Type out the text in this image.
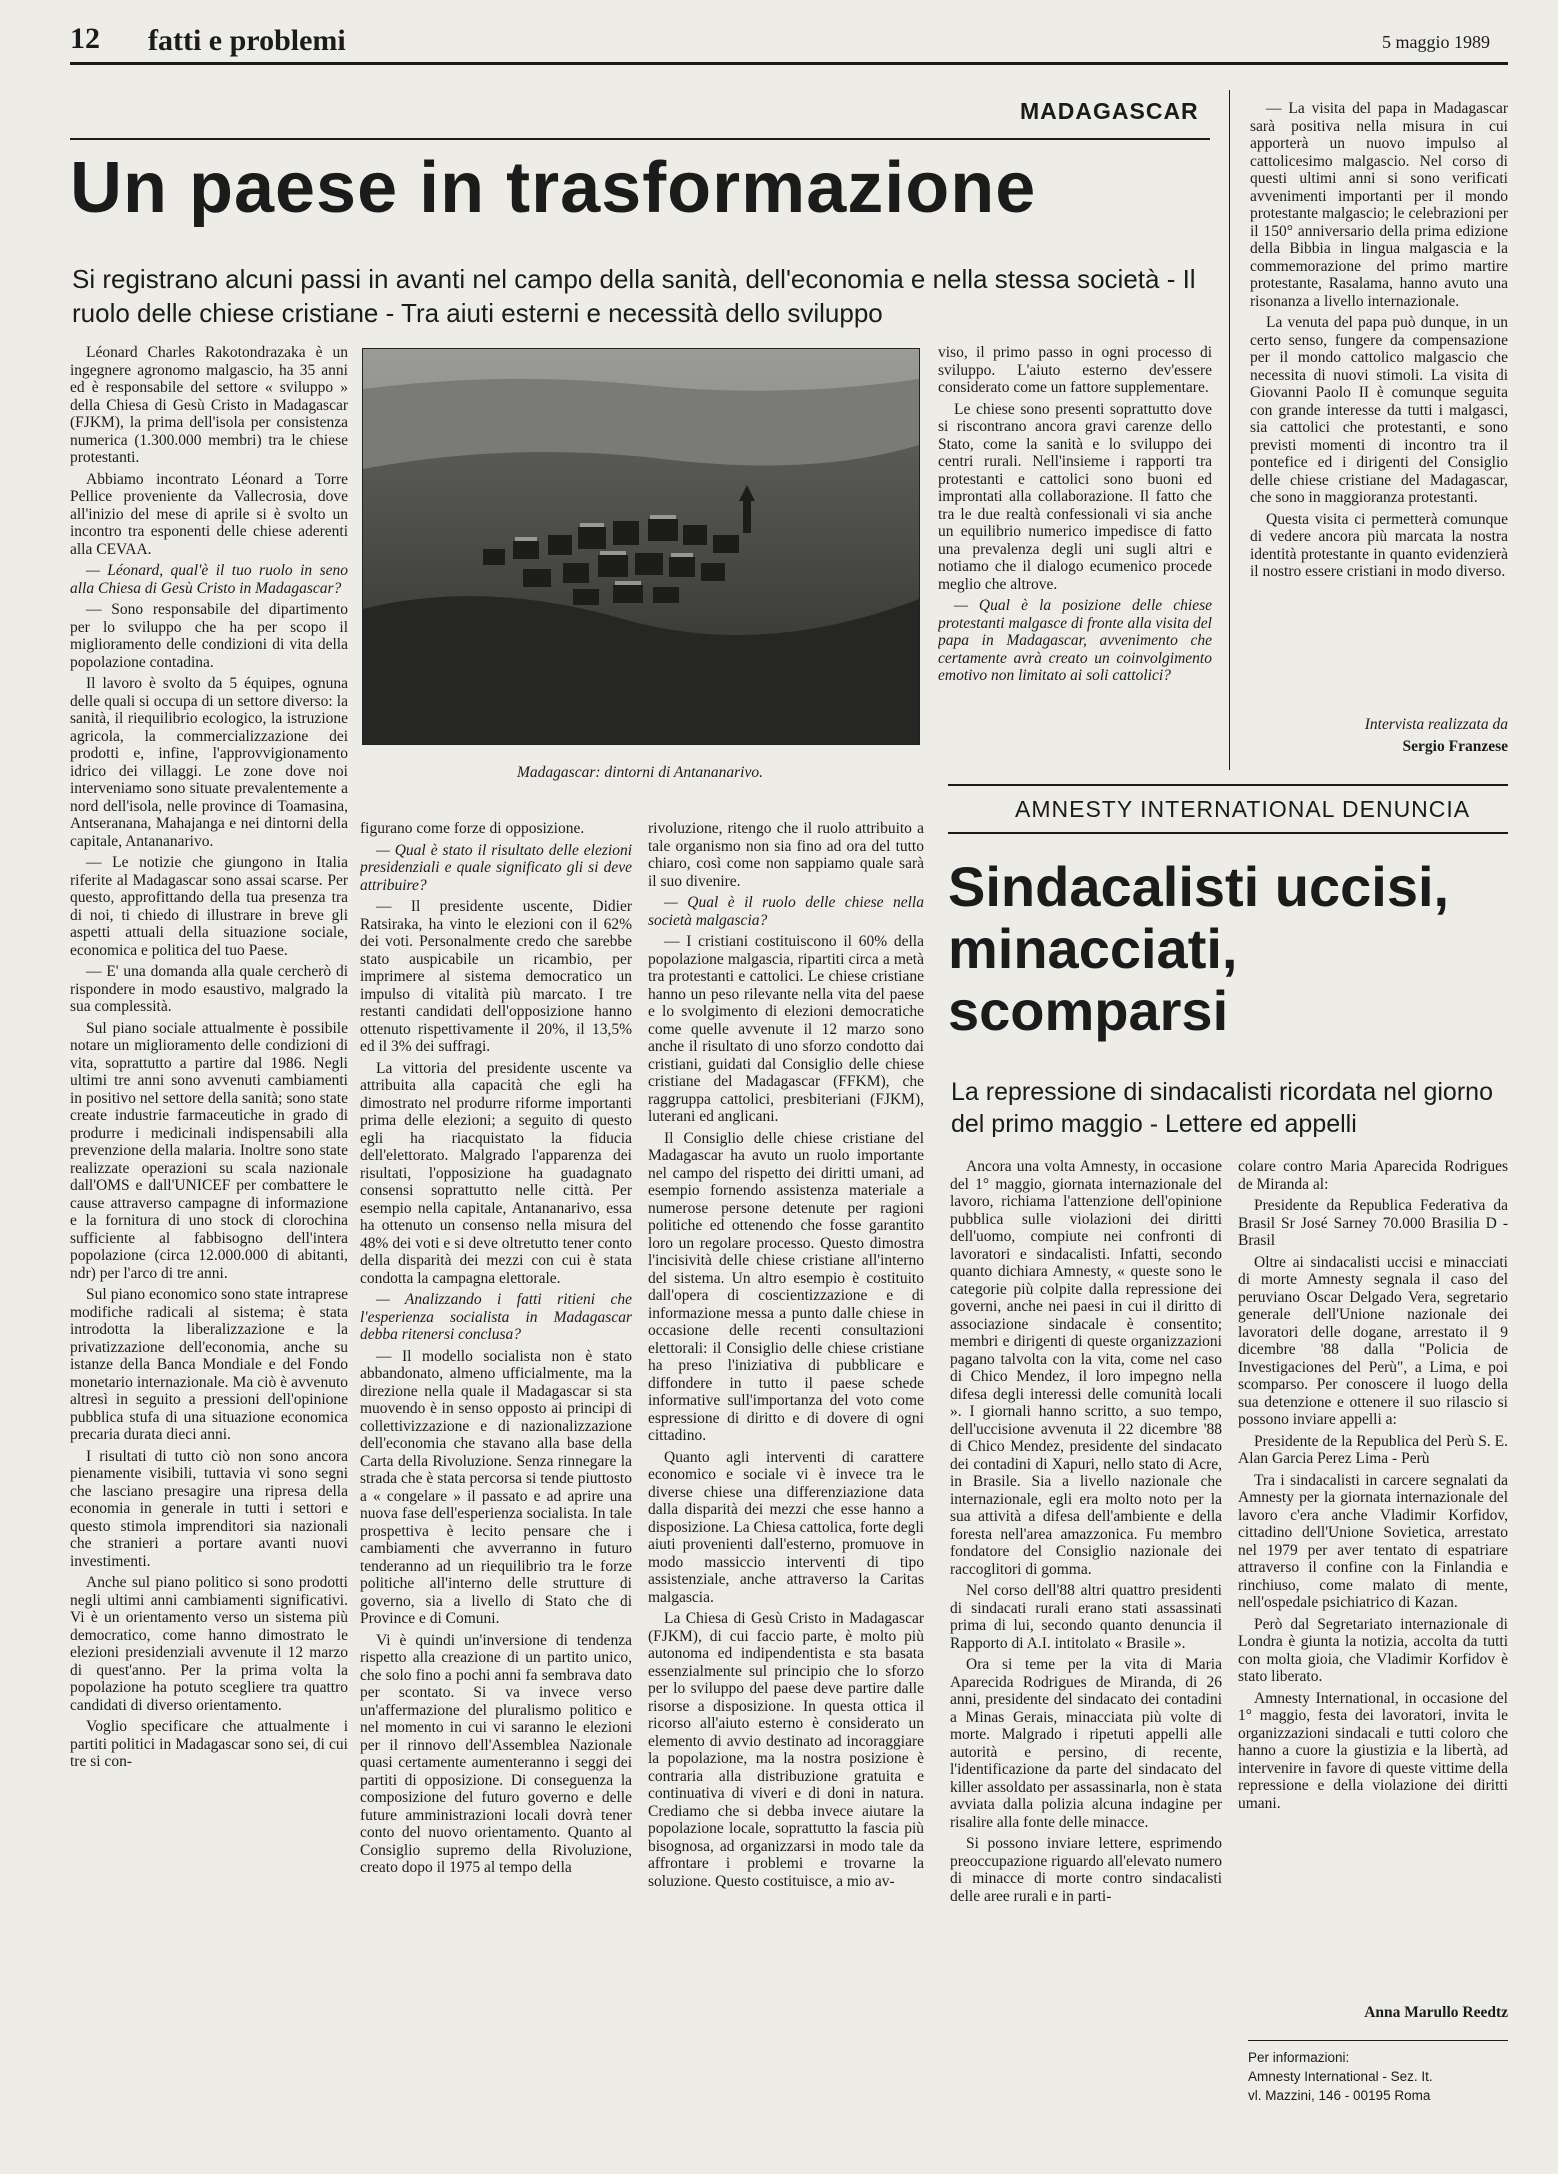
12 fatti e problemi	5 maggio 1989
MADAGASCAR
Un paese in trasformazione
Si registrano alcuni passi in avanti nel campo della sanità, dell'economia e nella stessa società - Il ruolo delle chiese cristiane - Tra aiuti esterni e necessità dello sviluppo

Léonard Charles Rakotondrazaka è un ingegnere agronomo malgascio, ha 35 anni ed è responsabile del settore « sviluppo » della Chiesa di Gesù Cristo in Madagascar (FJKM), la prima dell'isola per consistenza numerica (1.300.000 membri) tra le chiese protestanti.

Abbiamo incontrato Léonard a Torre Pellice proveniente da Vallecrosia, dove all'inizio del mese di aprile si è svolto un incontro tra esponenti delle chiese aderenti alla CEVAA.

— Léonard, qual'è il tuo ruolo in seno alla Chiesa di Gesù Cristo in Madagascar?

— Sono responsabile del dipartimento per lo sviluppo che ha per scopo il miglioramento delle condizioni di vita della popolazione contadina.

Il lavoro è svolto da 5 équipes, ognuna delle quali si occupa di un settore diverso: la sanità, il riequilibrio ecologico, la istruzione agricola, la commercializzazione dei prodotti e, infine, l'approvvigionamento idrico dei villaggi. Le zone dove noi interveniamo sono situate prevalentemente a nord dell'isola, nelle province di Toamasina, Antseranana, Mahajanga e nei dintorni della capitale, Antananarivo.

— Le notizie che giungono in Italia riferite al Madagascar sono assai scarse. Per questo, approfittando della tua presenza tra di noi, ti chiedo di illustrare in breve gli aspetti attuali della situazione sociale, economica e politica del tuo Paese.

— E' una domanda alla quale cercherò di rispondere in modo esaustivo, malgrado la sua complessità.

Sul piano sociale attualmente è possibile notare un miglioramento delle condizioni di vita, soprattutto a partire dal 1986. Negli ultimi tre anni sono avvenuti cambiamenti in positivo nel settore della sanità; sono state create industrie farmaceutiche in grado di produrre i medicinali indispensabili alla prevenzione della malaria. Inoltre sono state realizzate operazioni su scala nazionale dall'OMS e dall'UNICEF per combattere le cause attraverso campagne di informazione e la fornitura di uno stock di clorochina sufficiente al fabbisogno dell'intera popolazione (circa 12.000.000 di abitanti, ndr) per l'arco di tre anni.

Sul piano economico sono state intraprese modifiche radicali al sistema; è stata introdotta la liberalizzazione e la privatizzazione dell'economia, anche su istanze della Banca Mondiale e del Fondo monetario internazionale. Ma ciò è avvenuto altresì in seguito a pressioni dell'opinione pubblica stufa di una situazione economica precaria durata dieci anni.

I risultati di tutto ciò non sono ancora pienamente visibili, tuttavia vi sono segni che lasciano presagire una ripresa della economia in generale in tutti i settori e questo stimola imprenditori sia nazionali che stranieri a portare avanti nuovi investimenti.

Anche sul piano politico si sono prodotti negli ultimi anni cambiamenti significativi. Vi è un orientamento verso un sistema più democratico, come hanno dimostrato le elezioni presidenziali avvenute il 12 marzo di quest'anno. Per la prima volta la popolazione ha potuto scegliere tra quattro candidati di diverso orientamento.

Voglio specificare che attualmente i partiti politici in Madagascar sono sei, di cui tre si con-

Madagascar: dintorni di Antananarivo.

viso, il primo passo in ogni processo di sviluppo. L'aiuto esterno dev'essere considerato come un fattore supplementare.

Le chiese sono presenti soprattutto dove si riscontrano ancora gravi carenze dello Stato, come la sanità e lo sviluppo dei centri rurali. Nell'insieme i rapporti tra protestanti e cattolici sono buoni ed improntati alla collaborazione. Il fatto che tra le due realtà confessionali vi sia anche un equilibrio numerico impedisce di fatto una prevalenza degli uni sugli altri e notiamo che il dialogo ecumenico procede meglio che altrove.

— Qual è la posizione delle chiese protestanti malgasce di fronte alla visita del papa in Madagascar, avvenimento che certamente avrà creato un coinvolgimento emotivo non limitato ai soli cattolici?

figurano come forze di opposizione.

— Qual è stato il risultato delle elezioni presidenziali e quale significato gli si deve attribuire?

— Il presidente uscente, Didier Ratsiraka, ha vinto le elezioni con il 62% dei voti. Personalmente credo che sarebbe stato auspicabile un ricambio, per imprimere al sistema democratico un impulso di vitalità più marcato. I tre restanti candidati dell'opposizione hanno ottenuto rispettivamente il 20%, il 13,5% ed il 3% dei suffragi.

La vittoria del presidente uscente va attribuita alla capacità che egli ha dimostrato nel produrre riforme importanti prima delle elezioni; a seguito di questo egli ha riacquistato la fiducia dell'elettorato. Malgrado l'apparenza dei risultati, l'opposizione ha guadagnato consensi soprattutto nelle città. Per esempio nella capitale, Antananarivo, essa ha ottenuto un consenso nella misura del 48% dei voti e si deve oltretutto tener conto della disparità dei mezzi con cui è stata condotta la campagna elettorale.

— Analizzando i fatti ritieni che l'esperienza socialista in Madagascar debba ritenersi conclusa?

— Il modello socialista non è stato abbandonato, almeno ufficialmente, ma la direzione nella quale il Madagascar si sta muovendo è in senso opposto ai principi di collettivizzazione e di nazionalizzazione dell'economia che stavano alla base della Carta della Rivoluzione. Senza rinnegare la strada che è stata percorsa si tende piuttosto a « congelare » il passato e ad aprire una nuova fase dell'esperienza socialista. In tale prospettiva è lecito pensare che i cambiamenti che avverranno in futuro tenderanno ad un riequilibrio tra le forze politiche all'interno delle strutture di governo, sia a livello di Stato che di Province e di Comuni.

Vi è quindi un'inversione di tendenza rispetto alla creazione di un partito unico, che solo fino a pochi anni fa sembrava dato per scontato. Si va invece verso un'affermazione del pluralismo politico e nel momento in cui vi saranno le elezioni per il rinnovo dell'Assemblea Nazionale quasi certamente aumenteranno i seggi dei partiti di opposizione. Di conseguenza la composizione del futuro governo e delle future amministrazioni locali dovrà tener conto del nuovo orientamento. Quanto al Consiglio supremo della Rivoluzione, creato dopo il 1975 al tempo della

rivoluzione, ritengo che il ruolo attribuito a tale organismo non sia fino ad ora del tutto chiaro, così come non sappiamo quale sarà il suo divenire.

— Qual è il ruolo delle chiese nella società malgascia?

— I cristiani costituiscono il 60% della popolazione malgascia, ripartiti circa a metà tra protestanti e cattolici. Le chiese cristiane hanno un peso rilevante nella vita del paese e lo svolgimento di elezioni democratiche come quelle avvenute il 12 marzo sono anche il risultato di uno sforzo condotto dai cristiani, guidati dal Consiglio delle chiese cristiane del Madagascar (FFKM), che raggruppa cattolici, presbiteriani (FJKM), luterani ed anglicani.

Il Consiglio delle chiese cristiane del Madagascar ha avuto un ruolo importante nel campo del rispetto dei diritti umani, ad esempio fornendo assistenza materiale a numerose persone detenute per ragioni politiche ed ottenendo che fosse garantito loro un regolare processo. Questo dimostra l'incisività delle chiese cristiane all'interno del sistema. Un altro esempio è costituito dall'opera di coscientizzazione e di informazione messa a punto dalle chiese in occasione delle recenti consultazioni elettorali: il Consiglio delle chiese cristiane ha preso l'iniziativa di pubblicare e diffondere in tutto il paese schede informative sull'importanza del voto come espressione di diritto e di dovere di ogni cittadino.

Quanto agli interventi di carattere economico e sociale vi è invece tra le diverse chiese una differenziazione data dalla disparità dei mezzi che esse hanno a disposizione. La Chiesa cattolica, forte degli aiuti provenienti dall'esterno, promuove in modo massiccio interventi di tipo assistenziale, anche attraverso la Caritas malgascia.

La Chiesa di Gesù Cristo in Madagascar (FJKM), di cui faccio parte, è molto più autonoma ed indipendentista e sta basata essenzialmente sul principio che lo sforzo per lo sviluppo del paese deve partire dalle risorse a disposizione. In questa ottica il ricorso all'aiuto esterno è considerato un elemento di avvio destinato ad incoraggiare la popolazione, ma la nostra posizione è contraria alla distribuzione gratuita e continuativa di viveri e di doni in natura. Crediamo che si debba invece aiutare la popolazione locale, soprattutto la fascia più bisognosa, ad organizzarsi in modo tale da affrontare i problemi e trovarne la soluzione. Questo costituisce, a mio av-

— La visita del papa in Madagascar sarà positiva nella misura in cui apporterà un nuovo impulso al cattolicesimo malgascio. Nel corso di questi ultimi anni si sono verificati avvenimenti importanti per il mondo protestante malgascio; le celebrazioni per il 150° anniversario della prima edizione della Bibbia in lingua malgascia e la commemorazione del primo martire protestante, Rasalama, hanno avuto una risonanza a livello internazionale.

La venuta del papa può dunque, in un certo senso, fungere da compensazione per il mondo cattolico malgascio che necessita di nuovi stimoli. La visita di Giovanni Paolo II è comunque seguita con grande interesse da tutti i malgasci, sia cattolici che protestanti, e sono previsti momenti di incontro tra il pontefice ed i dirigenti del Consiglio delle chiese cristiane del Madagascar, che sono in maggioranza protestanti.

Questa visita ci permetterà comunque di vedere ancora più marcata la nostra identità protestante in quanto evidenzierà il nostro essere cristiani in modo diverso.

Intervista realizzata da

Sergio Franzese

AMNESTY INTERNATIONAL DENUNCIA
Sindacalisti uccisi, minacciati, scomparsi
La repressione di sindacalisti ricordata nel giorno del primo maggio - Lettere ed appelli

Ancora una volta Amnesty, in occasione del 1° maggio, giornata internazionale del lavoro, richiama l'attenzione dell'opinione pubblica sulle violazioni dei diritti dell'uomo, compiute nei confronti di lavoratori e sindacalisti. Infatti, secondo quanto dichiara Amnesty, « queste sono le categorie più colpite dalla repressione dei governi, anche nei paesi in cui il diritto di associazione sindacale è consentito; membri e dirigenti di queste organizzazioni pagano talvolta con la vita, come nel caso di Chico Mendez, il loro impegno nella difesa degli interessi delle comunità locali ». I giornali hanno scritto, a suo tempo, dell'uccisione avvenuta il 22 dicembre '88 di Chico Mendez, presidente del sindacato dei contadini di Xapuri, nello stato di Acre, in Brasile. Sia a livello nazionale che internazionale, egli era molto noto per la sua attività a difesa dell'ambiente e della foresta nell'area amazzonica. Fu membro fondatore del Consiglio nazionale dei raccoglitori di gomma.

Nel corso dell'88 altri quattro presidenti di sindacati rurali erano stati assassinati prima di lui, secondo quanto denuncia il Rapporto di A.I. intitolato « Brasile ».

Ora si teme per la vita di Maria Aparecida Rodrigues de Miranda, di 26 anni, presidente del sindacato dei contadini a Minas Gerais, minacciata più volte di morte. Malgrado i ripetuti appelli alle autorità e persino, di recente, l'identificazione da parte del sindacato del killer assoldato per assassinarla, non è stata avviata dalla polizia alcuna indagine per risalire alla fonte delle minacce.

Si possono inviare lettere, esprimendo preoccupazione riguardo all'elevato numero di minacce di morte contro sindacalisti delle aree rurali e in parti-

colare contro Maria Aparecida Rodrigues de Miranda al:

Presidente da Republica Federativa da Brasil Sr José Sarney 70.000 Brasilia D - Brasil

Oltre ai sindacalisti uccisi e minacciati di morte Amnesty segnala il caso del peruviano Oscar Delgado Vera, segretario generale dell'Unione nazionale dei lavoratori delle dogane, arrestato il 9 dicembre '88 dalla "Policia de Investigaciones del Perù", a Lima, e poi scomparso. Per conoscere il luogo della sua detenzione e ottenere il suo rilascio si possono inviare appelli a:

Presidente de la Republica del Perù S. E. Alan Garcia Perez Lima - Perù

Tra i sindacalisti in carcere segnalati da Amnesty per la giornata internazionale del lavoro c'era anche Vladimir Korfidov, cittadino dell'Unione Sovietica, arrestato nel 1979 per aver tentato di espatriare attraverso il confine con la Finlandia e rinchiuso, come malato di mente, nell'ospedale psichiatrico di Kazan.

Però dal Segretariato internazionale di Londra è giunta la notizia, accolta da tutti con molta gioia, che Vladimir Korfidov è stato liberato.

Amnesty International, in occasione del 1° maggio, festa dei lavoratori, invita le organizzazioni sindacali e tutti coloro che hanno a cuore la giustizia e la libertà, ad intervenire in favore di queste vittime della repressione e della violazione dei diritti umani.

Anna Marullo Reedtz

Per informazioni:
Amnesty International - Sez. It.
vl. Mazzini, 146 - 00195 Roma
